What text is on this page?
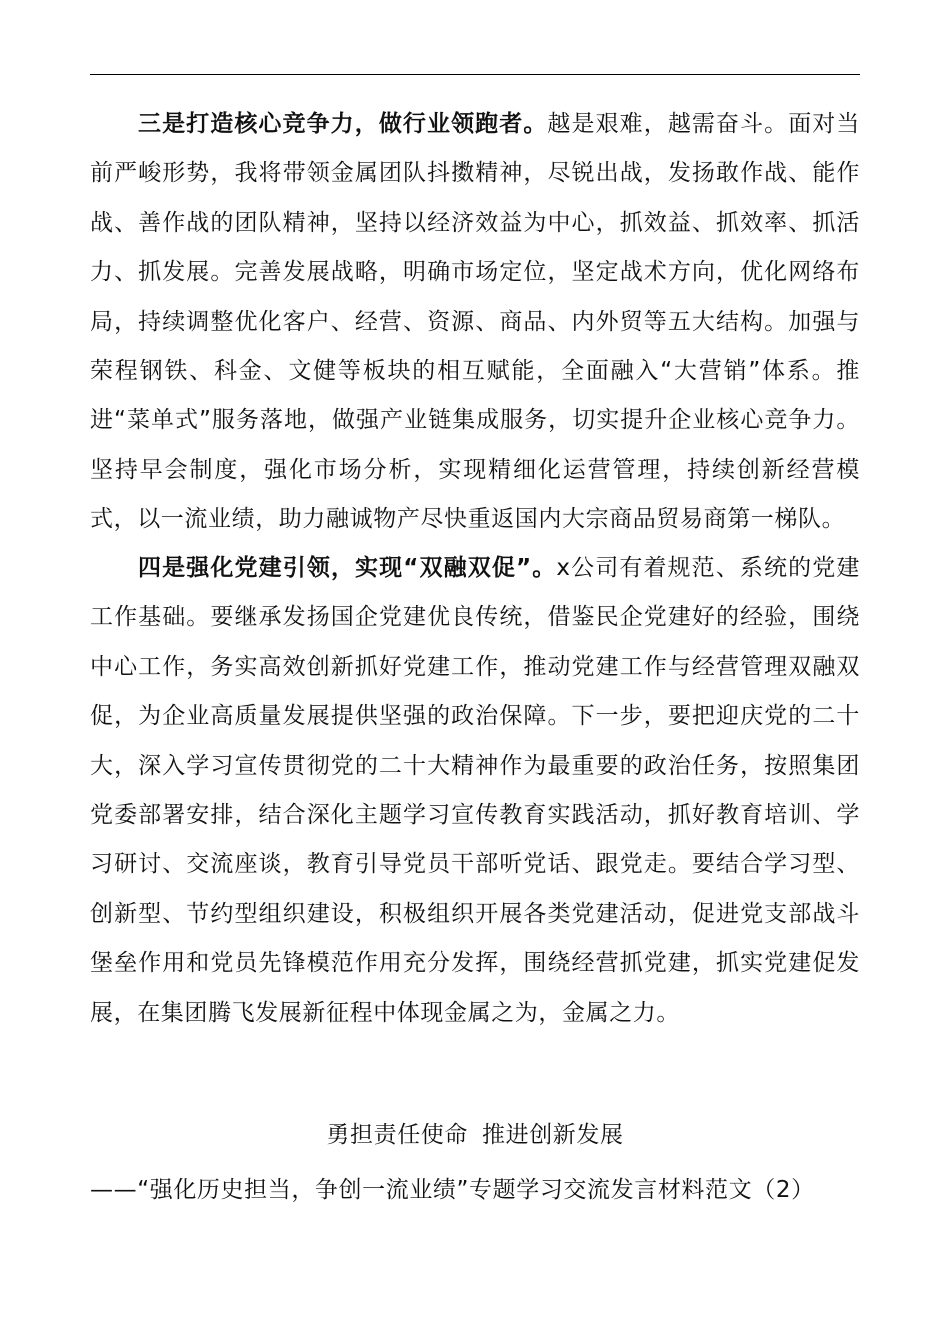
三是打造核心竞争力，做行业领跑者。越是艰难，越需奋斗。面对当前严峻形势，我将带领金属团队抖擞精神，尽锐出战，发扬敢作战、能作战、善作战的团队精神，坚持以经济效益为中心，抓效益、抓效率、抓活力、抓发展。完善发展战略，明确市场定位，坚定战术方向，优化网络布局，持续调整优化客户、经营、资源、商品、内外贸等五大结构。加强与荣程钢铁、科金、文健等板块的相互赋能，全面融入“大营销”体系。推进“菜单式”服务落地，做强产业链集成服务，切实提升企业核心竞争力。坚持早会制度，强化市场分析，实现精细化运营管理，持续创新经营模式，以一流业绩，助力融诚物产尽快重返国内大宗商品贸易商第一梯队。

四是强化党建引领，实现“双融双促”。x公司有着规范、系统的党建工作基础。要继承发扬国企党建优良传统，借鉴民企党建好的经验，围绕中心工作，务实高效创新抓好党建工作，推动党建工作与经营管理双融双促，为企业高质量发展提供坚强的政治保障。下一步，要把迎庆党的二十大，深入学习宣传贯彻党的二十大精神作为最重要的政治任务，按照集团党委部署安排，结合深化主题学习宣传教育实践活动，抓好教育培训、学习研讨、交流座谈，教育引导党员干部听党话、跟党走。要结合学习型、创新型、节约型组织建设，积极组织开展各类党建活动，促进党支部战斗堡垒作用和党员先锋模范作用充分发挥，围绕经营抓党建，抓实党建促发展，在集团腾飞发展新征程中体现金属之为，金属之力。

勇担责任使命 推进创新发展

——“强化历史担当，争创一流业绩”专题学习交流发言材料范文（2）
